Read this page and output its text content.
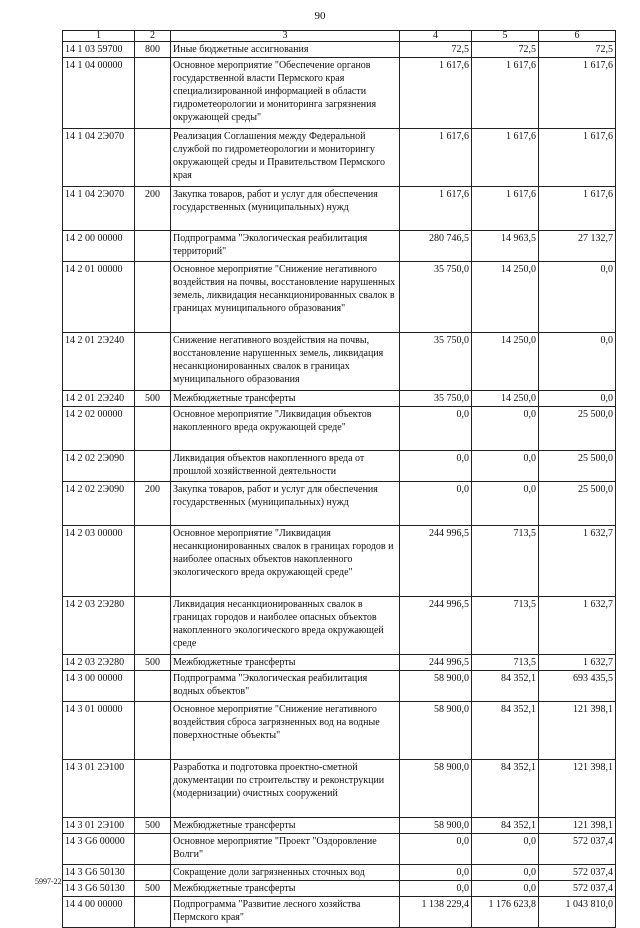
90
1	2	3	4	5	6
14 1 03 59700	800	Иные бюджетные ассигнования	72,5	72,5	72,5
14 1 04 00000		Основное мероприятие "Обеспечение органов государственной власти Пермского края специализированной информацией в области гидрометеорологии и мониторинга загрязнения окружающей среды"	1 617,6	1 617,6	1 617,6
14 1 04 2Э070		Реализация Соглашения между Федеральной службой по гидрометеорологии и мониторингу окружающей среды и Правительством Пермского края	1 617,6	1 617,6	1 617,6
14 1 04 2Э070	200	Закупка товаров, работ и услуг для обеспечения государственных (муниципальных) нужд	1 617,6	1 617,6	1 617,6
14 2 00 00000		Подпрограмма "Экологическая реабилитация территорий"	280 746,5	14 963,5	27 132,7
14 2 01 00000		Основное мероприятие "Снижение негативного воздействия на почвы, восстановление нарушенных земель, ликвидация несанкционированных свалок в границах муниципального образования"	35 750,0	14 250,0	0,0
14 2 01 2Э240		Снижение негативного воздействия на почвы, восстановление нарушенных земель, ликвидация несанкционированных свалок в границах муниципального образования	35 750,0	14 250,0	0,0
14 2 01 2Э240	500	Межбюджетные трансферты	35 750,0	14 250,0	0,0
14 2 02 00000		Основное мероприятие "Ликвидация объектов накопленного вреда окружающей среде"	0,0	0,0	25 500,0
14 2 02 2Э090		Ликвидация объектов накопленного вреда от прошлой хозяйственной деятельности	0,0	0,0	25 500,0
14 2 02 2Э090	200	Закупка товаров, работ и услуг для обеспечения государственных (муниципальных) нужд	0,0	0,0	25 500,0
14 2 03 00000		Основное мероприятие "Ликвидация несанкционированных свалок в границах городов и наиболее опасных объектов накопленного экологического вреда окружающей среде"	244 996,5	713,5	1 632,7
14 2 03 2Э280		Ликвидация несанкционированных свалок в границах городов и наиболее опасных объектов накопленного экологического вреда окружающей среде	244 996,5	713,5	1 632,7
14 2 03 2Э280	500	Межбюджетные трансферты	244 996,5	713,5	1 632,7
14 3 00 00000		Подпрограмма "Экологическая реабилитация водных объектов"	58 900,0	84 352,1	693 435,5
14 3 01 00000		Основное мероприятие "Снижение негативного воздействия сброса загрязненных вод на водные поверхностные объекты"	58 900,0	84 352,1	121 398,1
14 3 01 2Э100		Разработка и подготовка проектно-сметной документации по строительству и реконструкции (модернизации) очистных сооружений	58 900,0	84 352,1	121 398,1
14 3 01 2Э100	500	Межбюджетные трансферты	58 900,0	84 352,1	121 398,1
14 3 G6 00000		Основное мероприятие "Проект "Оздоровление Волги"	0,0	0,0	572 037,4
14 3 G6 50130		Сокращение доли загрязненных сточных вод	0,0	0,0	572 037,4
14 3 G6 50130	500	Межбюджетные трансферты	0,0	0,0	572 037,4
14 4 00 00000		Подпрограмма "Развитие лесного хозяйства Пермского края"	1 138 229,4	1 176 623,8	1 043 810,0
5997-22
